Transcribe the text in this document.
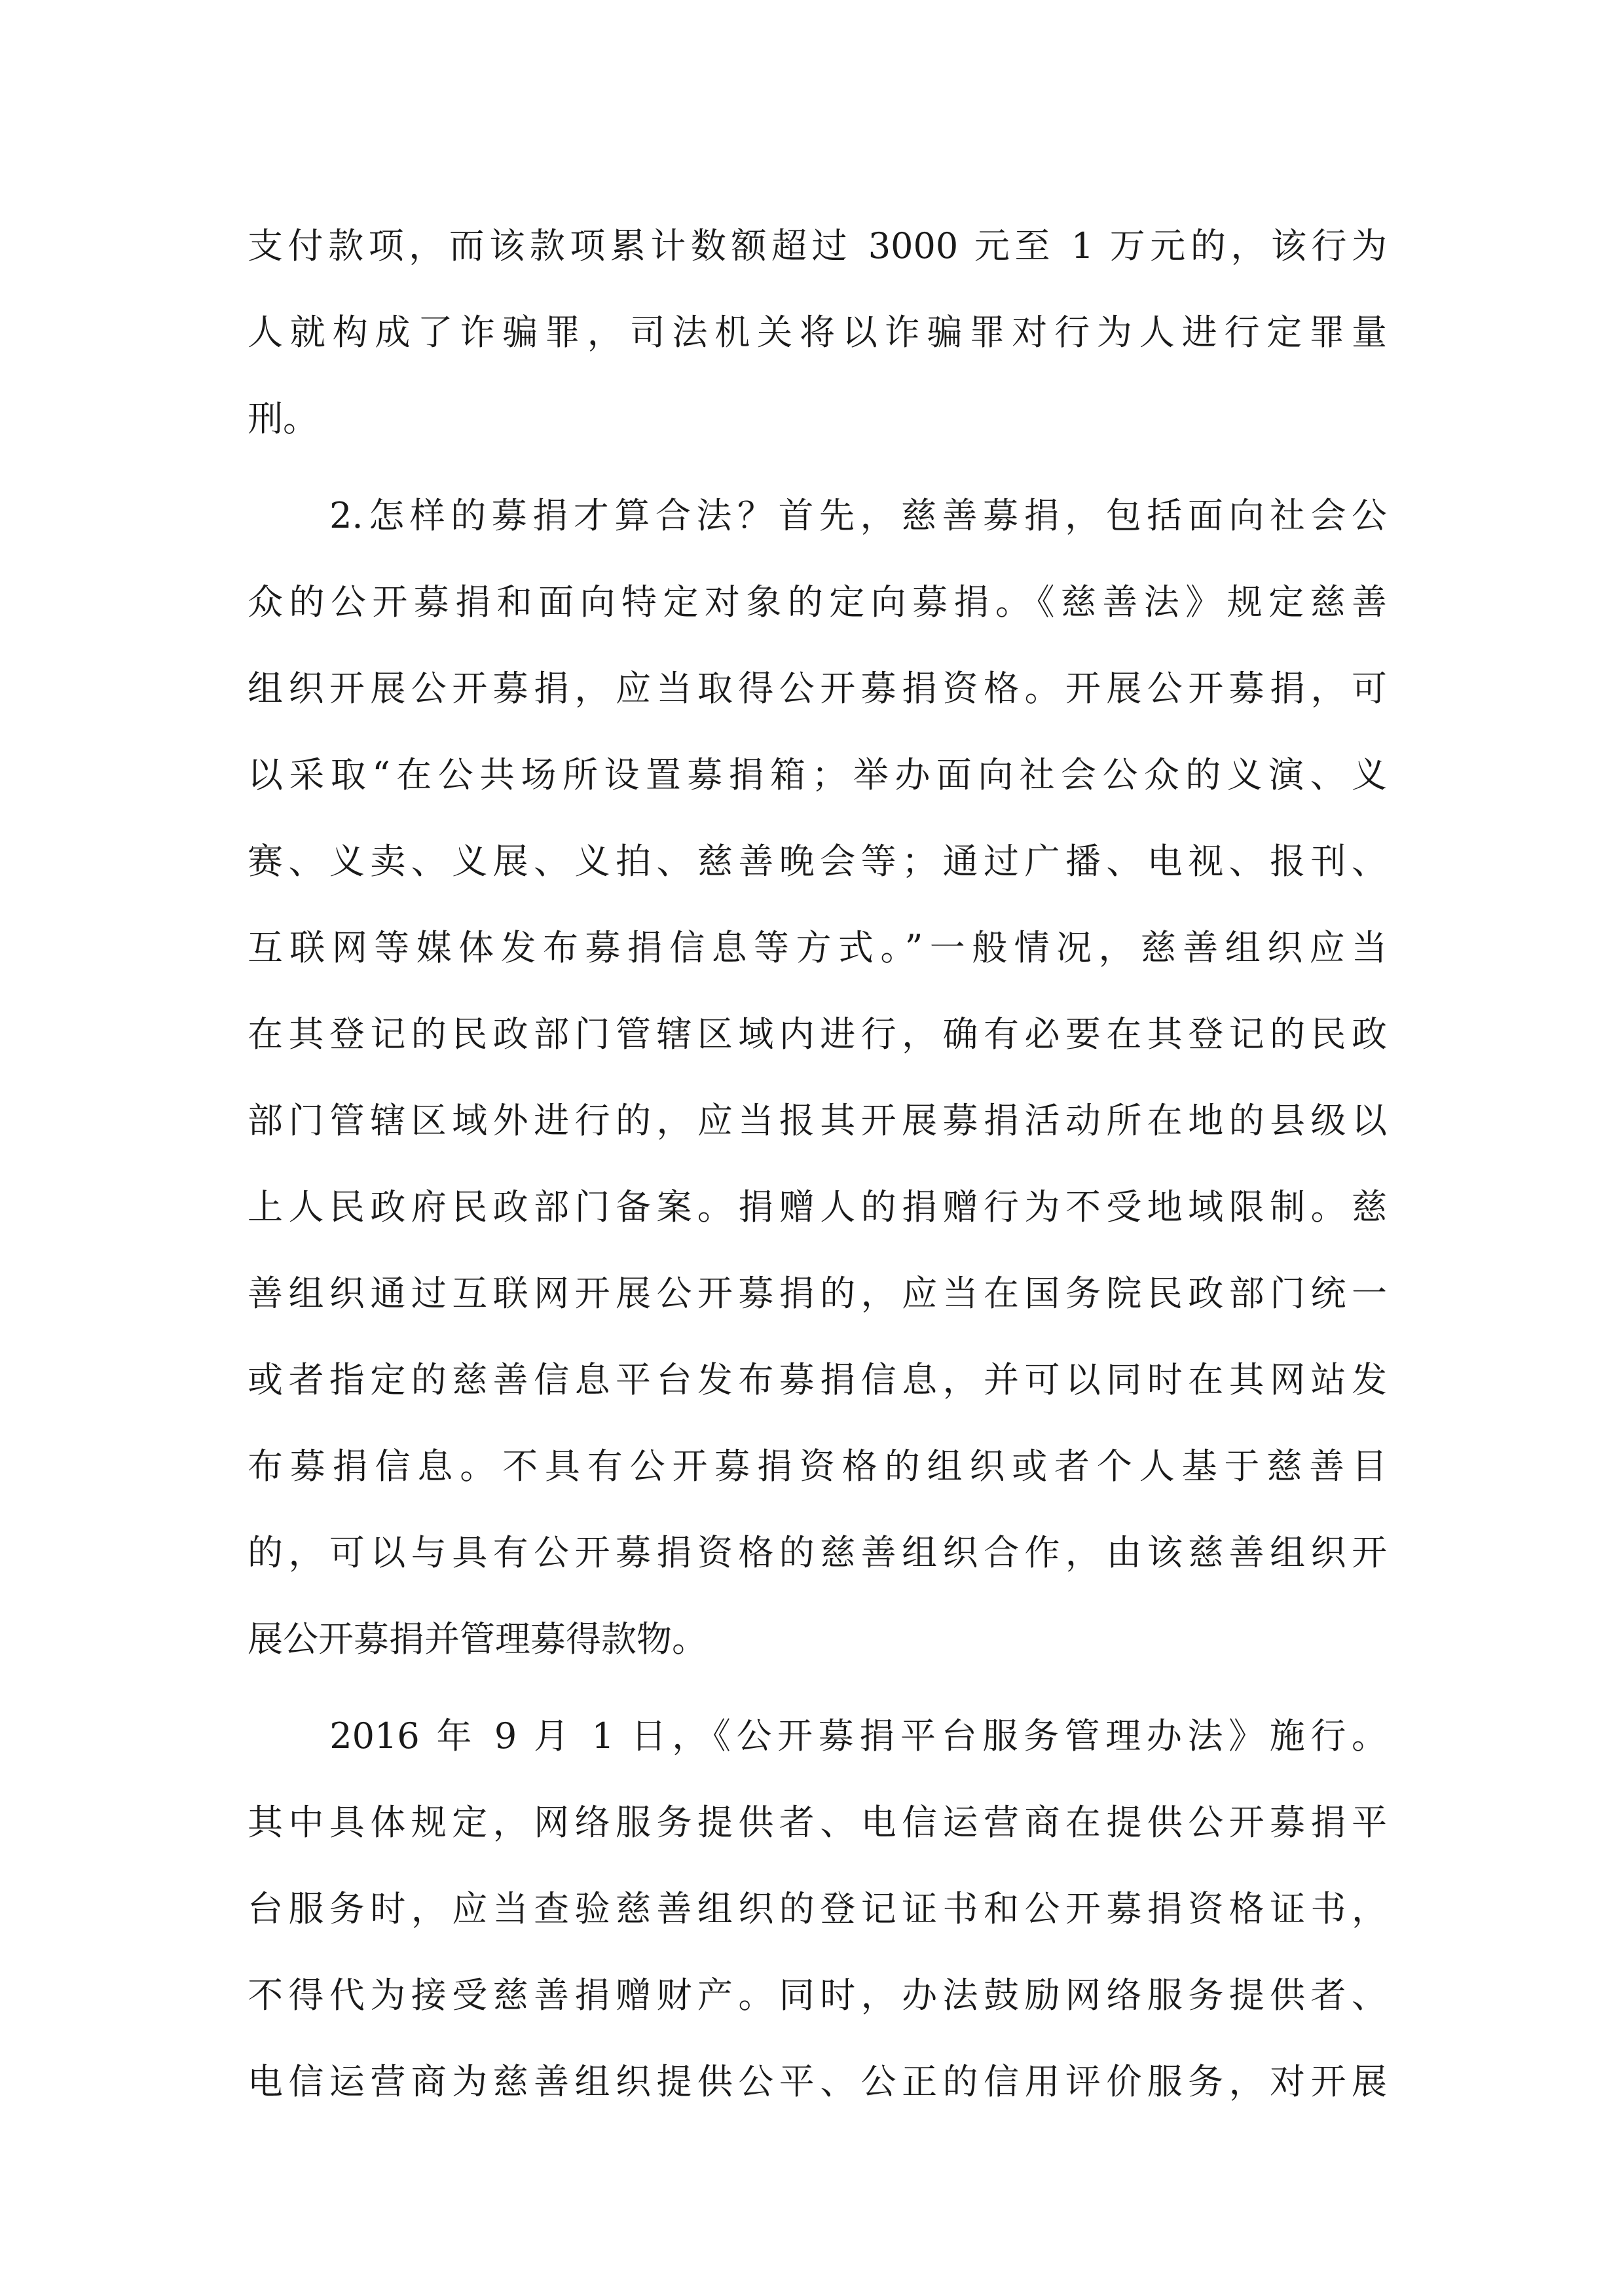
支付款项，而该款项累计数额超过 3000 元至 1 万元的，该行为
人就构成了诈骗罪，司法机关将以诈骗罪对行为人进行定罪量
刑。
　　2.怎样的募捐才算合法？首先，慈善募捐，包括面向社会公
众的公开募捐和面向特定对象的定向募捐。《慈善法》规定慈善
组织开展公开募捐，应当取得公开募捐资格。开展公开募捐，可
以采取“在公共场所设置募捐箱；举办面向社会公众的义演、义
赛、义卖、义展、义拍、慈善晚会等；通过广播、电视、报刊、
互联网等媒体发布募捐信息等方式。”一般情况，慈善组织应当
在其登记的民政部门管辖区域内进行，确有必要在其登记的民政
部门管辖区域外进行的，应当报其开展募捐活动所在地的县级以
上人民政府民政部门备案。捐赠人的捐赠行为不受地域限制。慈
善组织通过互联网开展公开募捐的，应当在国务院民政部门统一
或者指定的慈善信息平台发布募捐信息，并可以同时在其网站发
布募捐信息。不具有公开募捐资格的组织或者个人基于慈善目
的，可以与具有公开募捐资格的慈善组织合作，由该慈善组织开
展公开募捐并管理募得款物。
　　2016 年 9 月 1 日，《公开募捐平台服务管理办法》施行。
其中具体规定，网络服务提供者、电信运营商在提供公开募捐平
台服务时，应当查验慈善组织的登记证书和公开募捐资格证书，
不得代为接受慈善捐赠财产。同时，办法鼓励网络服务提供者、
电信运营商为慈善组织提供公平、公正的信用评价服务，对开展
